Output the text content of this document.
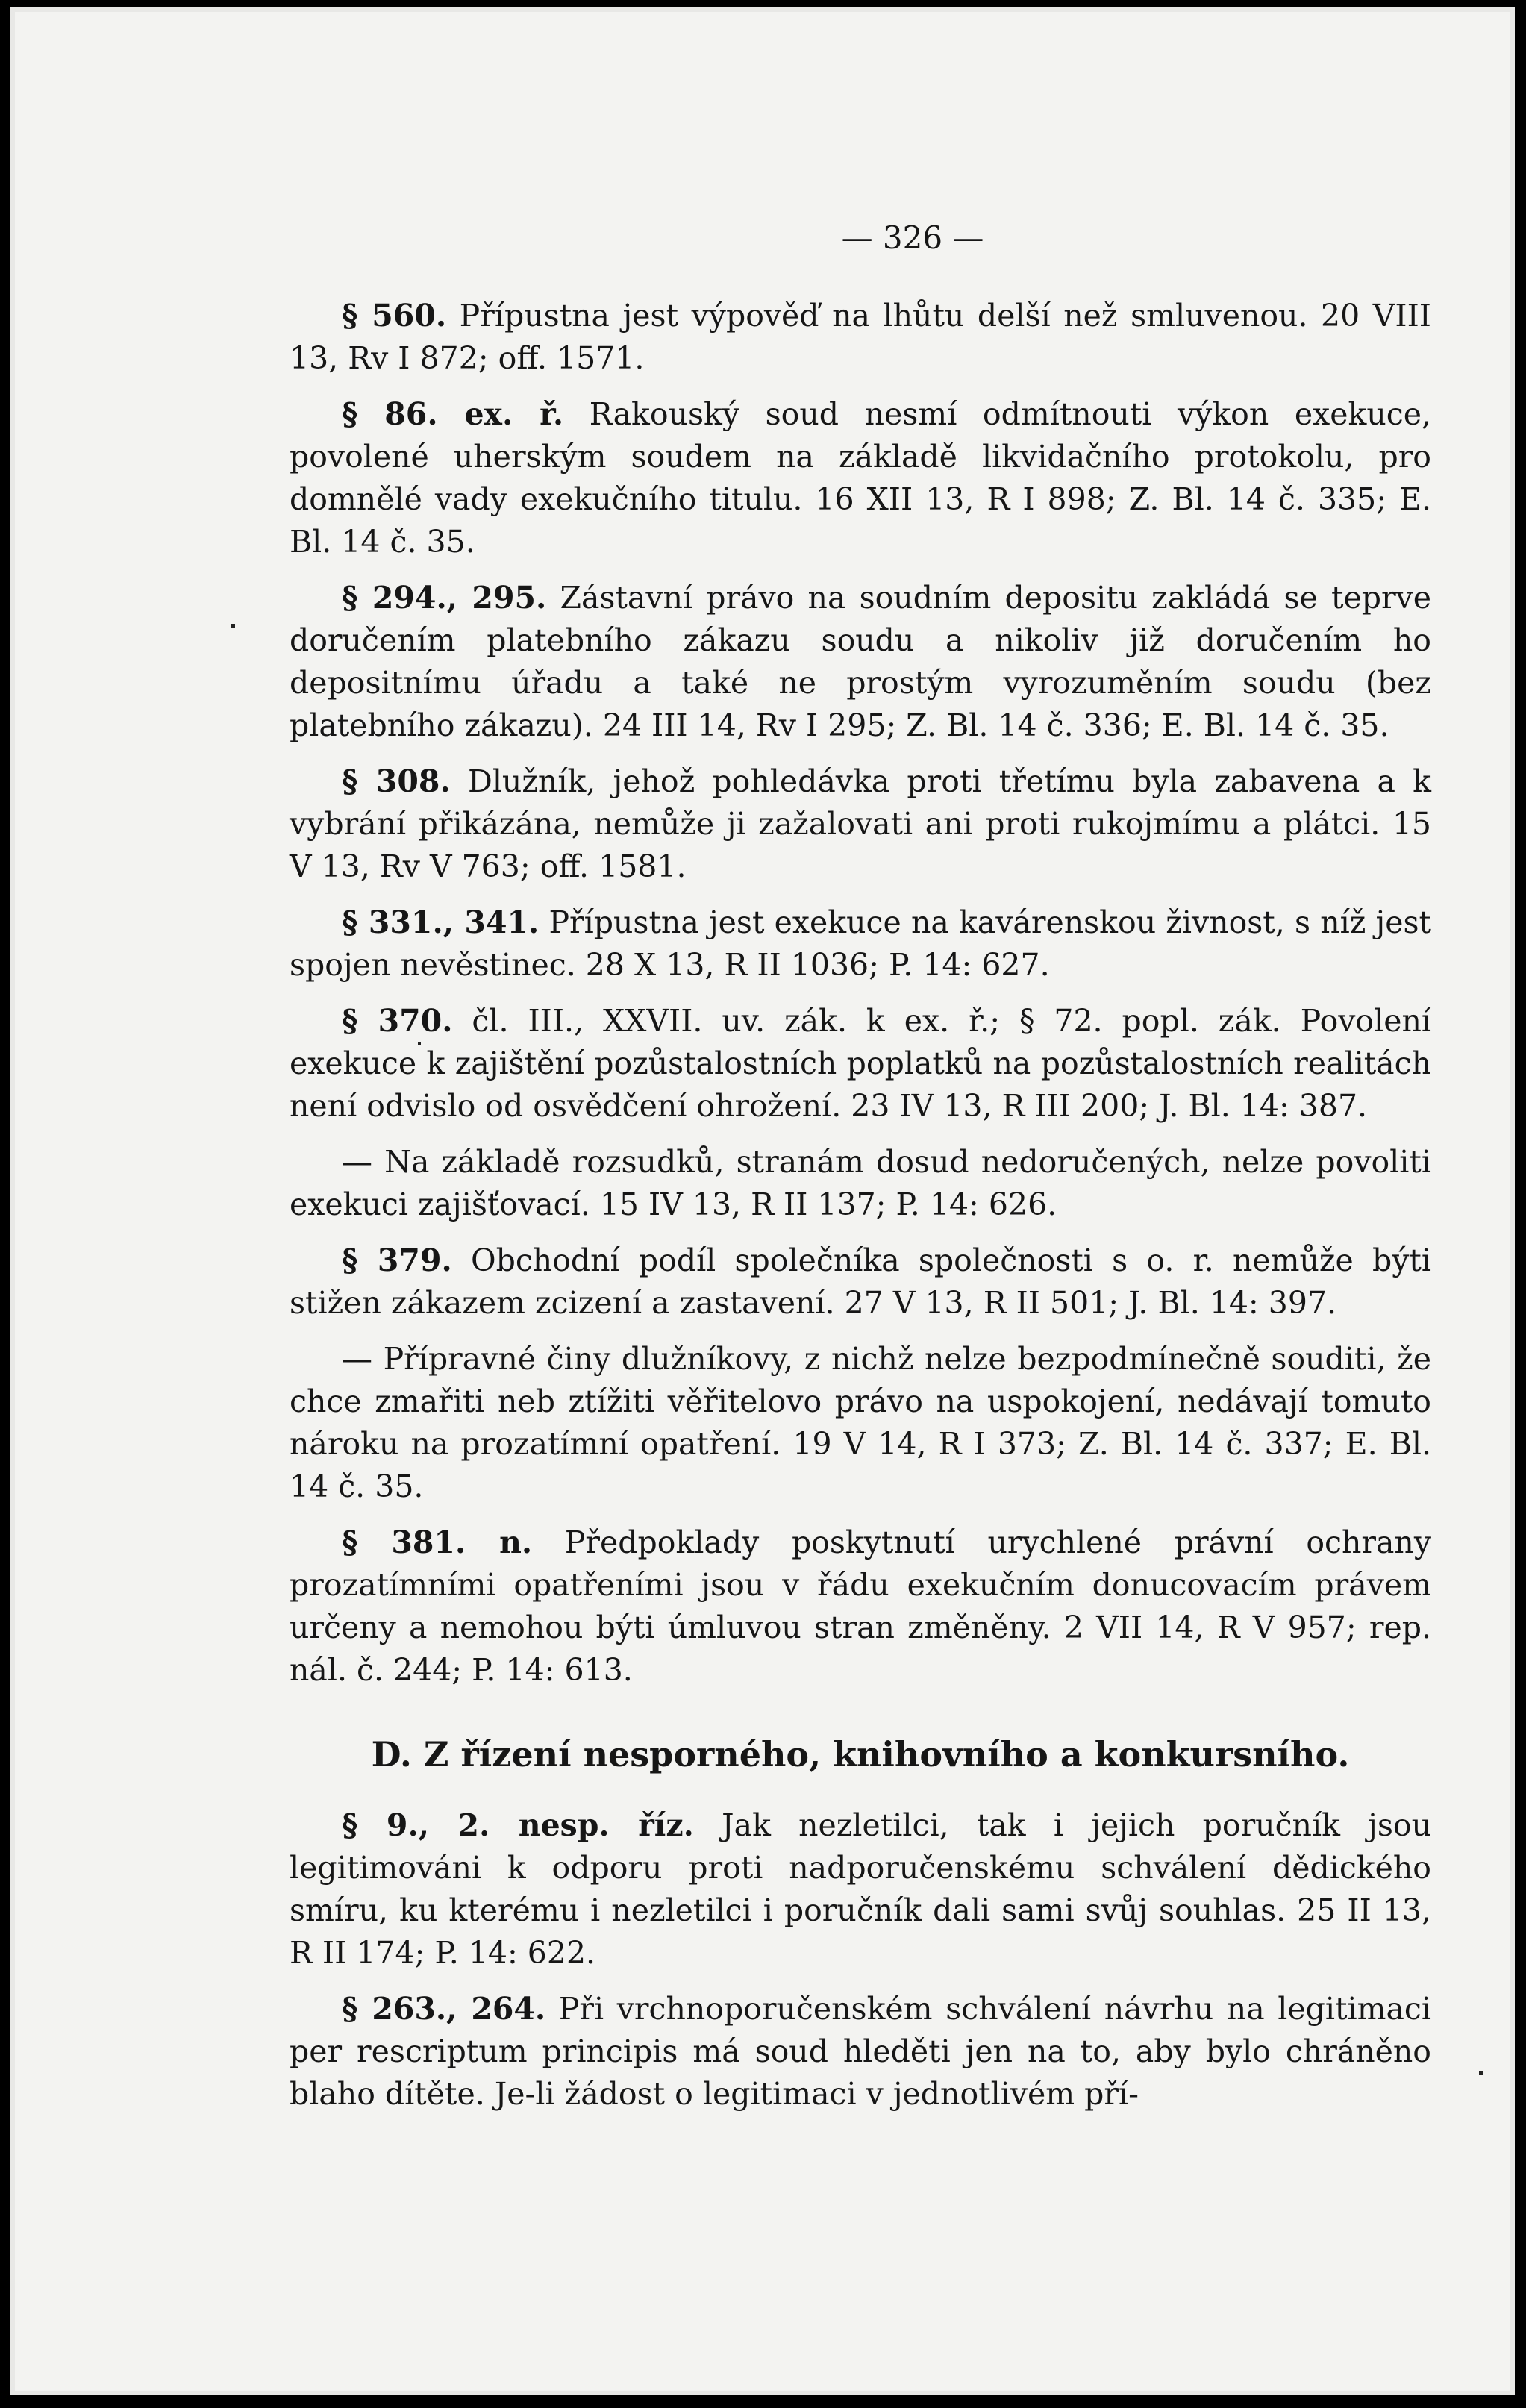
— 326 —
§ 560. Přípustna jest výpověď na lhůtu delší než smluvenou. 20 VIII 13, Rv I 872; off. 1571.
§ 86. ex. ř. Rakouský soud nesmí odmítnouti výkon exekuce, povolené uherským soudem na základě likvidačního protokolu, pro domnělé vady exekučního titulu. 16 XII 13, R I 898; Z. Bl. 14 č. 335; E. Bl. 14 č. 35.
§ 294., 295. Zástavní právo na soudním depositu zakládá se teprve doručením platebního zákazu soudu a nikoliv již doručením ho depositnímu úřadu a také ne prostým vyrozuměním soudu (bez platebního zákazu). 24 III 14, Rv I 295; Z. Bl. 14 č. 336; E. Bl. 14 č. 35.
§ 308. Dlužník, jehož pohledávka proti třetímu byla zabavena a k vybrání přikázána, nemůže ji zažalovati ani proti rukojmímu a plátci. 15 V 13, Rv V 763; off. 1581.
§ 331., 341. Přípustna jest exekuce na kavárenskou živnost, s níž jest spojen nevěstinec. 28 X 13, R II 1036; P. 14: 627.
§ 370. čl. III., XXVII. uv. zák. k ex. ř.; § 72. popl. zák. Povolení exekuce k zajištění pozůstalostních poplatků na pozůstalostních realitách není odvislo od osvědčení ohrožení. 23 IV 13, R III 200; J. Bl. 14: 387.
— Na základě rozsudků, stranám dosud nedoručených, nelze povoliti exekuci zajišťovací. 15 IV 13, R II 137; P. 14: 626.
§ 379. Obchodní podíl společníka společnosti s o. r. nemůže býti stižen zákazem zcizení a zastavení. 27 V 13, R II 501; J. Bl. 14: 397.
— Přípravné činy dlužníkovy, z nichž nelze bezpodmínečně souditi, že chce zmařiti neb ztížiti věřitelovo právo na uspokojení, nedávají tomuto nároku na prozatímní opatření. 19 V 14, R I 373; Z. Bl. 14 č. 337; E. Bl. 14 č. 35.
§ 381. n. Předpoklady poskytnutí urychlené právní ochrany prozatímními opatřeními jsou v řádu exekučním donucovacím právem určeny a nemohou býti úmluvou stran změněny. 2 VII 14, R V 957; rep. nál. č. 244; P. 14: 613.
D. Z řízení nesporného, knihovního a konkursního.
§ 9., 2. nesp. říz. Jak nezletilci, tak i jejich poručník jsou legitimováni k odporu proti nadporučenskému schválení dědického smíru, ku kterému i nezletilci i poručník dali sami svůj souhlas. 25 II 13, R II 174; P. 14: 622.
§ 263., 264. Při vrchnoporučenském schválení návrhu na legitimaci per rescriptum principis má soud hleděti jen na to, aby bylo chráněno blaho dítěte. Je-li žádost o legitimaci v jednotlivém pří-
